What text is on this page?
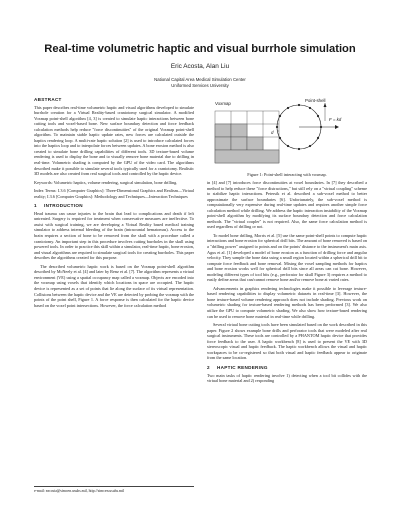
Real-time volumetric haptic and visual burrhole simulation
Eric Acosta, Alan Liu
National Capital Area Medical Simulation Center
Uniformed Services University
ABSTRACT

This paper describes real-time volumetric haptic and visual algorithms developed to simulate burrhole creation for a Virtual Reality-based craniotomy surgical simulator. A modified Voxmap point-shell algorithm [4, 3] is created to simulate haptic interactions between bone cutting tools and voxel-based bone. New surface boundary detection and force feedback calculation methods help reduce "force discontinuities" of the original Voxmap point-shell algorithm. To maintain stable haptic update rates, new forces are calculated outside the haptics rendering loop. A multi-rate haptic solution [2] is used to introduce calculated forces into the haptics loop and to interpolate forces between updates. A bone erosion method is also created to simulate bone drilling capabilities of different tools. 3D texture-based volume rendering is used to display the bone and to visually remove bone material due to drilling in real-time. Volumetric shading is computed by the GPU of the video card. The algorithms described make it possible to simulate several tools typically used for a craniotomy. Realistic 3D models are also created from real surgical tools and controlled by the haptic device.

Keywords: Volumetric haptics, volume rendering, surgical simulation, bone drilling.

Index Terms: I.3.6 [Computer Graphics]: Three-Dimensional Graphics and Realism—Virtual reality; I.3.6 [Computer Graphics]: Methodology and Techniques—Interaction Techniques

1 INTRODUCTION

Head trauma can cause injuries to the brain that lead to complications and death if left untreated. Surgery is required for treatment when conservative measures are ineffective. To assist with surgical training, we are developing a Virtual Reality based medical training simulator to address internal bleeding of the brain (intracranial hematomas). Access to the brain requires a section of bone to be removed from the skull with a procedure called a craniotomy. An important step in this procedure involves cutting burrholes in the skull using powered tools. In order to practice this skill within a simulator, real-time haptic, bone erosion, and visual algorithms are required to simulate surgical tools for creating burrholes. This paper describes the algorithms created for this purpose.

The described volumetric haptic work is based on the Voxmap point-shell algorithm described by McNeely et al. [4] and later by Renz et al. [7]. The algorithm represents a virtual environment (VE) using a spatial occupancy map called a voxmap. Objects are encoded into the voxmap using voxels that identify which locations in space are occupied. The haptic device is represented as a set of points that lie along the surface of its virtual representation. Collisions between the haptic device and the VE are detected by probing the voxmap with the points of the point shell, Figure 1. A force response is then calculated for the haptic device based on the voxel point intersections. However, the force calculation method

e-mail: eacosta@simcen.usuhs.mil, http://simcen.usuhs.mil
Voxmap
Point-shell
F = kd
d
Figure 1: Point-shell interacting with voxmap.

in [4] and [7] introduces force discontinuities at voxel boundaries. In [7] they described a method to help reduce these "force distractions," but still rely on a "virtual coupling" scheme to stabilize haptic interactions. Petersik et al. described a sub-voxel method to better approximate the surface boundaries [6]. Unfortunately, the sub-voxel method is computationally very expensive during real-time updates and requires another simple force calculation method while drilling. We address the haptic interaction instability of the Voxmap point-shell algorithm by modifying its surface boundary detection and force calculation methods. The "virtual coupler" is not required. Also, the same force calculation method is used regardless of drilling or not.

To model bone drilling, Morris et al. [5] use the same point-shell points to compute haptic interactions and bone erosion for spherical drill bits. The amount of bone removed is based on a "drilling power" assigned to points and on the points' distance to the instrument's main axis. Agus et al. [1] developed a model of bone erosion as a function of drilling force and angular velocity. They sample the bone data using a small region located within a spherical drill bit to compute force feedback and bone removal. Mixing the voxel sampling methods for haptics and bone erosion works well for spherical drill bits since all areas can cut bone. However, modeling different types of tool bits (e.g., perforator for skull Figure 3) requires a method to easily define areas that can/cannot remove bone and/or remove bone at varied rates.

Advancements in graphics rendering technologies make it possible to leverage texture-based rendering capabilities to display volumetric datasets in real-time [3]. However, the bone texture-based volume rendering approach does not include shading. Previous work on volumetric shading for texture-based rendering methods has been performed [3]. We also utilize the GPU to compute volumetric shading. We also show how texture-based rendering can be used to remove bone material in real-time while drilling.

Several virtual bone cutting tools have been simulated based on the work described in this paper. Figure 2 shows example bone drills and perforator tools that were modeled after real surgical instruments. These tools are controlled by a PHANTOM haptic device that provides force feedback to the user. A haptic workbench [8] is used to present the VE with 3D stereoscopic visual and haptic feedback. The haptic workbench allows the visual and haptic workspaces to be co-registered so that both visual and haptic feedback appear to originate from the same location.

2 HAPTIC RENDERING

Two main tasks of haptic rendering involve 1) detecting when a tool bit collides with the virtual bone material and 2) responding
